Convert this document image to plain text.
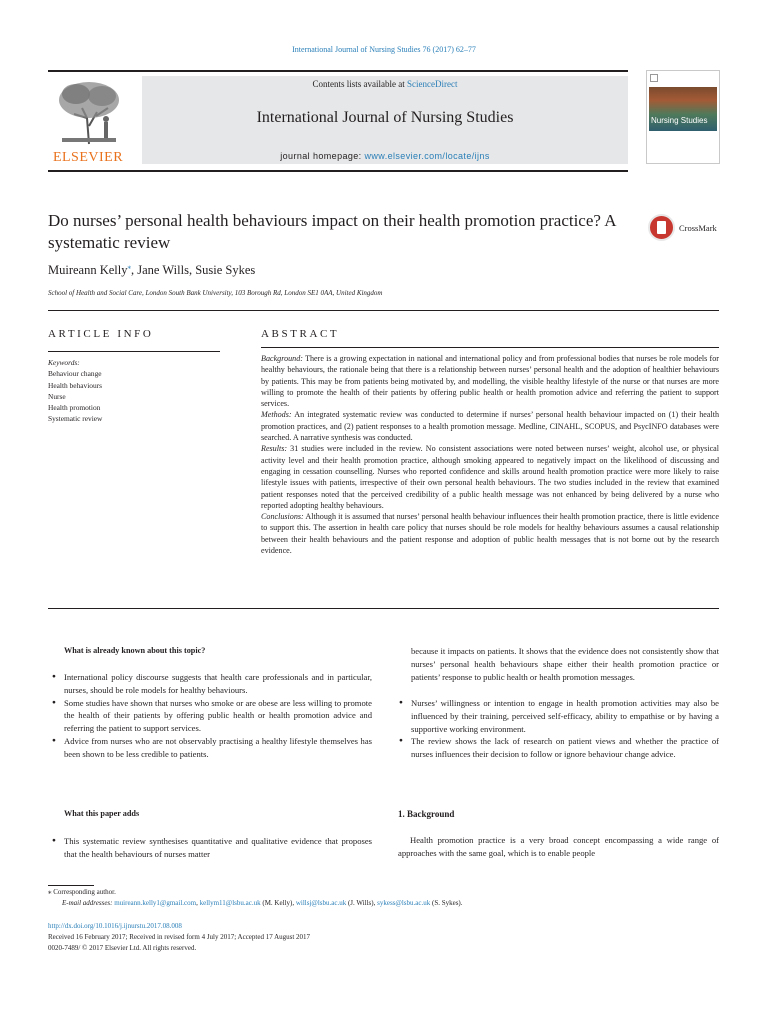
International Journal of Nursing Studies 76 (2017) 62–77
ELSEVIER
Contents lists available at ScienceDirect
International Journal of Nursing Studies
journal homepage: www.elsevier.com/locate/ijns
Nursing Studies
Do nurses’ personal health behaviours impact on their health promotion practice? A systematic review
CrossMark
Muireann Kelly⁎, Jane Wills, Susie Sykes
School of Health and Social Care, London South Bank University, 103 Borough Rd, London SE1 0AA, United Kingdom
ARTICLE INFO	ABSTRACT
Keywords:
Behaviour change
Health behaviours
Nurse
Health promotion
Systematic review

Background: There is a growing expectation in national and international policy and from professional bodies that nurses be role models for healthy behaviours, the rationale being that there is a relationship between nurses’ personal health and the adoption of healthier behaviours by patients. This may be from patients being motivated by, and modelling, the visible healthy lifestyle of the nurse or that nurses are more willing to promote the health of their patients by offering public health or health promotion advice and referring the patient to support services.

Methods: An integrated systematic review was conducted to determine if nurses’ personal health behaviour impacted on (1) their health promotion practices, and (2) patient responses to a health promotion message. Medline, CINAHL, SCOPUS, and PsycINFO databases were searched. A narrative synthesis was conducted.

Results: 31 studies were included in the review. No consistent associations were noted between nurses’ weight, alcohol use, or physical activity level and their health promotion practice, although smoking appeared to negatively impact on the likelihood of discussing and engaging in cessation counselling. Nurses who reported confidence and skills around health promotion practice were more likely to raise lifestyle issues with patients, irrespective of their own personal health behaviours. The two studies included in the review that examined patient responses noted that the perceived credibility of a public health message was not enhanced by being delivered by a nurse who reported adopting healthy behaviours.

Conclusions: Although it is assumed that nurses’ personal health behaviour influences their health promotion practice, there is little evidence to support this. The assertion in health care policy that nurses should be role models for healthy behaviours assumes a causal relationship between their health behaviours and the patient response and adoption of public health messages that is not borne out by the research evidence.

What is already known about this topic?
● International policy discourse suggests that health care professionals and in particular, nurses, should be role models for healthy behaviours.
● Some studies have shown that nurses who smoke or are obese are less willing to promote the health of their patients by offering public health or health promotion advice and referring the patient to support services.
● Advice from nurses who are not observably practising a healthy lifestyle themselves has been shown to be less credible to patients.
What this paper adds
● This systematic review synthesises quantitative and qualitative evidence that proposes that the health behaviours of nurses matter
because it impacts on patients. It shows that the evidence does not consistently show that nurses’ personal health behaviours shape either their health promotion practice or patients’ response to public health or health promotion messages.
● Nurses’ willingness or intention to engage in health promotion activities may also be influenced by their training, perceived self-efficacy, ability to empathise or by having a supportive working environment.
● The review shows the lack of research on patient views and whether the practice of nurses influences their decision to follow or ignore behaviour change advice.
1. Background
Health promotion practice is a very broad concept encompassing a wide range of approaches with the same goal, which is to enable people
⁎ Corresponding author.
E-mail addresses: muireann.kelly1@gmail.com, kellym11@lsbu.ac.uk (M. Kelly), willsj@lsbu.ac.uk (J. Wills), sykess@lsbu.ac.uk (S. Sykes).
http://dx.doi.org/10.1016/j.ijnurstu.2017.08.008
Received 16 February 2017; Received in revised form 4 July 2017; Accepted 17 August 2017
0020-7489/ © 2017 Elsevier Ltd. All rights reserved.
